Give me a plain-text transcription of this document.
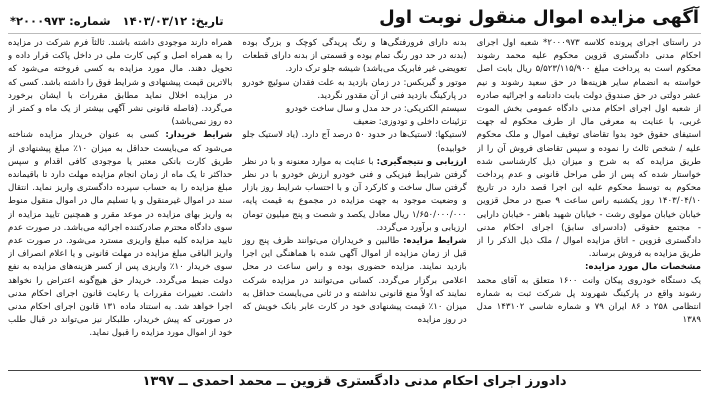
آگهی مزایده اموال منقول نوبت اول
تاریخ: ۱۴۰۳/۰۳/۱۲ شماره: ۲۰۰۰۹۷۳*

در راستای اجرای پرونده کلاسه ۲۰۰۰۹۷۳* شعبه اول اجرای احکام مدنی دادگستری قزوین محکوم علیه محمد رشوند محکوم است به پرداخت مبلغ ۵/۵۲۳/۱۱۵/۹۰۰ ریال بابت اصل خواسته به انضمام سایر هزینه‌ها در حق سعید رشوند و نیم عشر دولتی در حق صندوق دولت بابت دادنامه و اجرائیه صادره از شعبه اول اجرای احکام مدنی دادگاه عمومی بخش الموت غربی، با عنایت به معرفی مال از طرف محکوم له جهت استیفای حقوق خود بدوا تقاضای توقیف اموال و ملک محکوم علیه / شخص ثالث را نموده و سپس تقاضای فروش آن را از طریق مزایده که به شرح و میزان ذیل کارشناسی شده خواستار شده که پس از طی مراحل قانونی و عدم پرداخت محکوم به توسط محکوم علیه این اجرا قصد دارد در تاریخ ۱۴۰۳/۰۴/۱۰ روز یکشنبه راس ساعت ۹ صبح در محل قزوین خیابان خیابان مولوی رشت - خیابان شهید باهنر - خیابان دارایی - مجتمع حقوقی (دادسرای سابق) اجرای احکام مدنی دادگستری قزوین - اتاق مزایده اموال / ملک ذیل الذکر را از طریق مزایده به فروش برساند.

مشخصات مال مورد مزایده:

یک دستگاه خودروی پیکان وانت ۱۶۰۰ متعلق به آقای محمد رشوند واقع در پارکینگ شهروند پل شرکت ثبت به شماره انتظامی ۲۵۸ د ۸۶ ایران ۷۹ و شماره شاسی ۱۴۳۱۰۲ مدل ۱۳۸۹

بدنه دارای فرورفتگی‌ها و رنگ پریدگی کوچک و بزرگ بوده (بدنه در حد دور رنگ تمام بوده و قسمتی از بدنه دارای قطعات تعویضی غیر فابریک می‌باشد) شیشه جلو ترک دارد.

موتور و گیربکس: در زمان بازدید به علت فقدان سوئیچ خودرو در پارکینگ بازدید فنی از آن مقدور نگردید.

سیستم الکتریکی: در حد مدل و سال ساخت خودرو

تزئینات داخلی و تودوزی: ضعیف

لاستیکها: لاستیک‌ها در حدود ۵۰ درصد آج دارد. (یاد لاستیک جلو خوابیده)

ارزیابی و نتیجه‌گیری: با عنایت به موارد معنونه و با در نظر گرفتن شرایط فیزیکی و فنی خودرو ارزش خودرو با در نظر گرفتن سال ساخت و کارکرد آن و با احتساب شرایط روز بازار و وضعیت موجود به جهت مزایده در مجموع به قیمت پایه، ۱/۶۵۰/۰۰۰/۰۰۰ ریال معادل یکصد و شصت و پنج میلیون تومان ارزیابی و برآورد می‌گردد.

شرایط مزایده: طالبین و خریداران می‌توانند ظرف پنج روز قبل از زمان مزایده از اموال آگهی شده با هماهنگی این اجرا بازدید نمایند. مزایده حضوری بوده و راس ساعت در محل اعلامی برگزار می‌گردد. کسانی می‌توانند در مزایده شرکت نمایند که اولاً منع قانونی نداشته و در ثانی می‌بایست حداقل به میزان ۱۰٪ قیمت پیشنهادی خود در کارت عابر بانک خویش که در روز مزایده

همراه دارند موجودی داشته باشند. ثالثاً فرم شرکت در مزایده را به همراه اصل و کپی کارت ملی در داخل پاکت قرار داده و تحویل دهند. مال مورد مزایده به کسی فروخته می‌شود که بالاترین قیمت پیشنهادی و شرایط فوق را داشته باشد. کسی که در مزایده اخلال نماید مطابق مقررات با ایشان برخورد می‌گردد. (فاصله قانونی نشر آگهی بیشتر از یک ماه و کمتر از ده روز نمی‌باشد)

شرایط خریدار: کسی به عنوان خریدار مزایده شناخته می‌شود که می‌بایست حداقل به میزان ۱۰٪ مبلغ پیشنهادی از طریق کارت بانکی معتبر یا موجودی کافی اقدام و سپس حداکثر تا یک ماه از زمان انجام مزایده مهلت دارد تا باقیمانده مبلغ مزایده را به حساب سپرده دادگستری واریز نماید. انتقال سند در اموال غیرمنقول و یا تسلیم مال در اموال منقول منوط به واریز بهای مزایده در موعد مقرر و همچنین تایید مزایده از سوی دادگاه محترم صادرکننده اجرائیه می‌باشد. در صورت عدم تایید مزایده کلیه مبلغ واریزی مسترد می‌شود. در صورت عدم واریز الباقی مبلغ مزایده در مهلت قانونی و یا اعلام انصراف از سوی خریدار ۱۰٪ واریزی پس از کسر هزینه‌های مزایده به نفع دولت ضبط می‌گردد. خریدار حق هیچ‌گونه اعتراض را نخواهد داشت. تغییرات مقررات یا رعایت قانون اجرای احکام مدنی اجرا خواهد شد. به استناد ماده ۱۳۱ قانون اجرای احکام مدنی در صورتی که پیش خریدار، طلبکار نیز می‌تواند در قبال طلب خود از اموال مورد مزایده را قبول نماید.

دادورز اجرای احکام مدنی دادگستری قزوین ــ محمد احمدی ــ ۱۳۹۷
